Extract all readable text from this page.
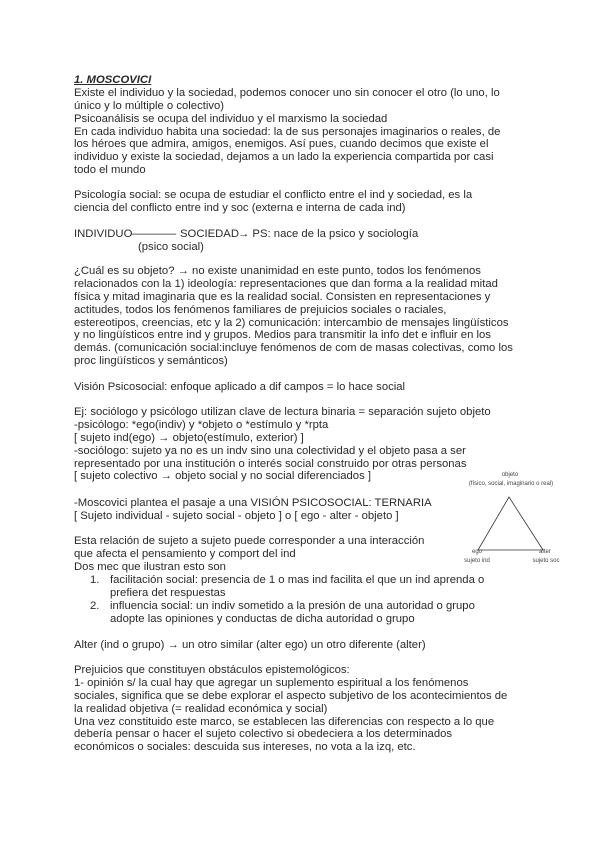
1. MOSCOVICI
Existe el individuo y la sociedad, podemos conocer uno sin conocer el otro (lo uno, lo
único y lo múltiple o colectivo)
Psicoanálisis se ocupa del individuo y el marxismo la sociedad
En cada individuo habita una sociedad: la de sus personajes imaginarios o reales, de
los héroes que admira, amigos, enemigos. Así pues, cuando decimos que existe el
individuo y existe la sociedad, dejamos a un lado la experiencia compartida por casi
todo el mundo
Psicología social: se ocupa de estudiar el conflicto entre el ind y sociedad, es la
ciencia del conflicto entre ind y soc (externa e interna de cada ind)
INDIVIDUO
———— SOCIEDAD
→ PS: nace de la psico y sociología
(psico social)
¿Cuál es su objeto? → no existe unanimidad en este punto, todos los fenómenos
relacionados con la 1) ideología: representaciones que dan forma a la realidad mitad
física y mitad imaginaria que es la realidad social. Consisten en representaciones y
actitudes, todos los fenómenos familiares de prejuicios sociales o raciales,
estereotipos, creencias, etc y la 2) comunicación: intercambio de mensajes lingüísticos
y no lingüísticos entre ind y grupos. Medios para transmitir la info det e influir en los
demás. (comunicación social:incluye fenómenos de com de masas colectivas, como los
proc lingüísticos y semánticos)
Visión Psicosocial: enfoque aplicado a dif campos = lo hace social
Ej: sociólogo y psicólogo utilizan clave de lectura binaria = separación sujeto objeto
-psicólogo: *ego(indiv) y *objeto o *estímulo y *rpta
[ sujeto ind(ego) → objeto(estímulo, exterior) ]
-sociólogo: sujeto ya no es un indv sino una colectividad y el objeto pasa a ser
representado por una institución o interés social construido por otras personas
[ sujeto colectivo → objeto social y no social diferenciados ]
-Moscovici plantea el pasaje a una VISIÓN PSICOSOCIAL: TERNARIA
[ Sujeto individual - sujeto social - objeto ] o [ ego - alter - objeto ]
Esta relación de sujeto a sujeto puede corresponder a una interacción
que afecta el pensamiento y comport del ind
Dos mec que ilustran esto son
1. facilitación social: presencia de 1 o mas ind facilita el que un ind aprenda o
prefiera det respuestas
2. influencia social: un indiv sometido a la presión de una autoridad o grupo
adopte las opiniones y conductas de dicha autoridad o grupo
Alter (ind o grupo) → un otro similar (alter ego) un otro diferente (alter)
Prejuicios que constituyen obstáculos epistemológicos:
1- opinión s/ la cual hay que agregar un suplemento espiritual a los fenómenos
sociales, significa que se debe explorar el aspecto subjetivo de los acontecimientos de
la realidad objetiva (= realidad económica y social)
Una vez constituido este marco, se establecen las diferencias con respecto a lo que
debería pensar o hacer el sujeto colectivo si obedeciera a los determinados
económicos o sociales: descuida sus intereses, no vota a la izq, etc.
objeto
(físico, social, imaginario o real)
ego
sujeto ind
alter
sujeto soc
